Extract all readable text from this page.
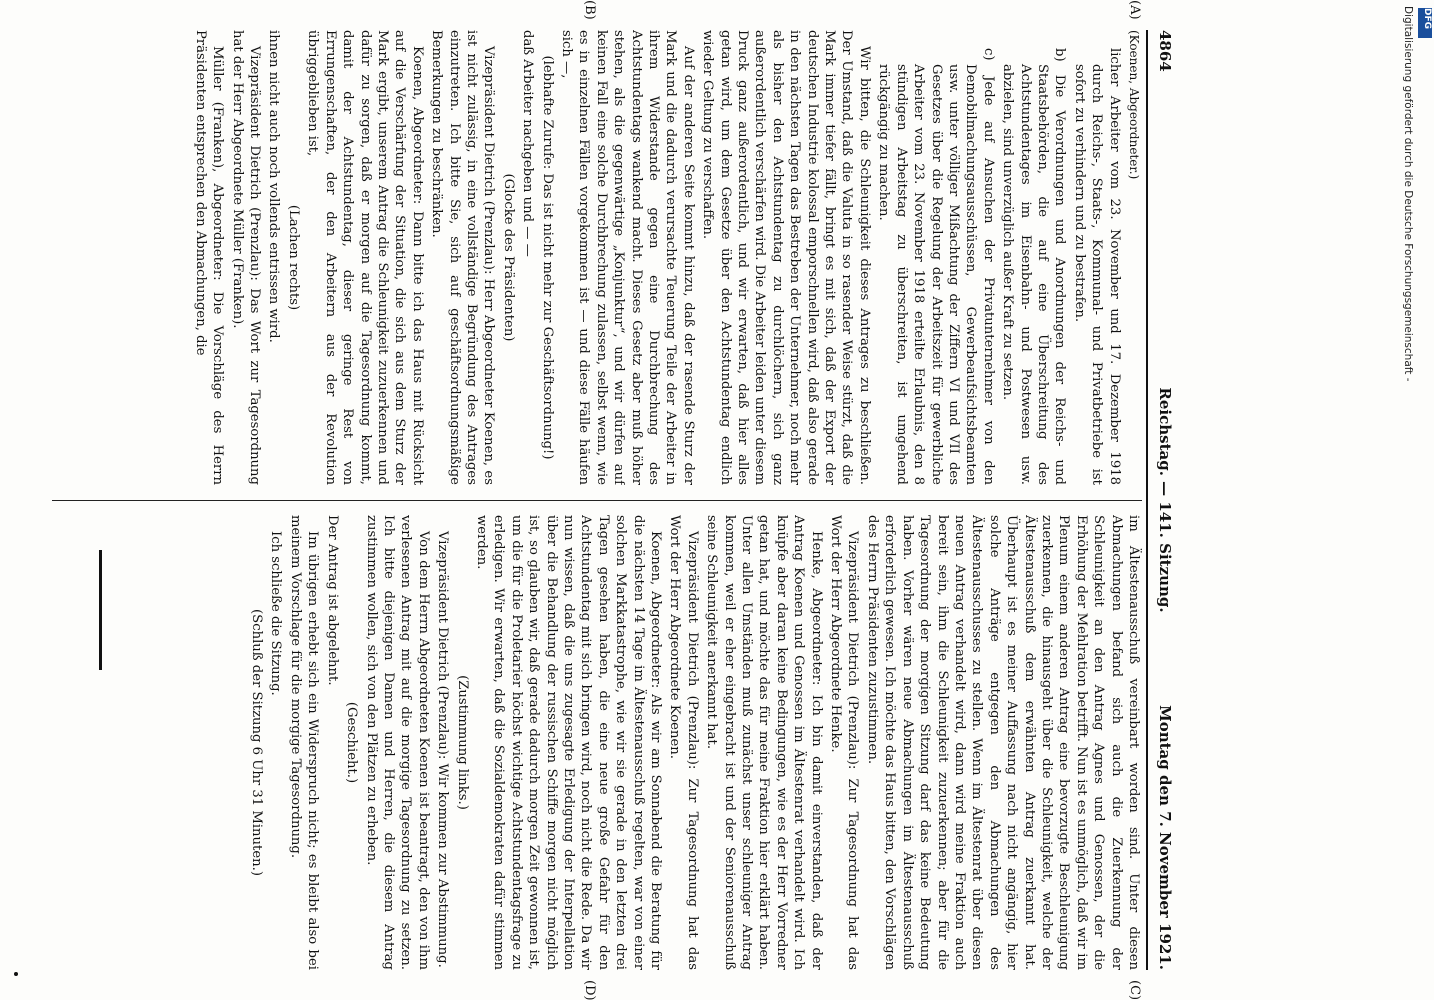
4864
Reichstag. — 141. Sitzung.
Montag den 7. November 1921.

(Koenen, Abgeordneter.)

licher Arbeiter vom 23. November und 17. Dezember 1918 durch Reichs-, Staats-, Kommunal- und Privatbetriebe ist sofort zu verhindern und zu bestrafen.

b) Die Verordnungen und Anordnungen der Reichs- und Staatsbehörden, die auf eine Überschreitung des Achtstundentages im Eisenbahn- und Postwesen usw. abzielen, sind unverzüglich außer Kraft zu setzen.

c) Jede auf Ansuchen der Privatunternehmer von den Demobilmachungsausschüssen, Gewerbeaufsichtsbeamten usw. unter völliger Mißachtung der Ziffern VI und VII des Gesetzes über die Regelung der Arbeitszeit für gewerbliche Arbeiter vom 23. November 1918 erteilte Erlaubnis, den 8 stündigen Arbeitstag zu überschreiten, ist umgehend rückgängig zu machen.

Wir bitten, die Schleunigkeit dieses Antrages zu beschließen. Der Umstand, daß die Valuta in so rasender Weise stürzt, daß die Mark immer tiefer fällt, bringt es mit sich, daß der Export der deutschen Industrie kolossal emporschnellen wird, daß also gerade in den nächsten Tagen das Bestreben der Unternehmer, noch mehr als bisher den Achtstundentag zu durchlöchern, sich ganz außerordentlich verschärfen wird. Die Arbeiter leiden unter diesem Druck ganz außerordentlich, und wir erwarten, daß hier alles getan wird, um dem Gesetze über den Achtstundentag endlich wieder Geltung zu verschaffen.

Auf der anderen Seite kommt hinzu, daß der rasende Sturz der Mark und die dadurch verursachte Teuerung Teile der Arbeiter in ihrem Widerstande gegen eine Durchbrechung des Achtstundentags wankend macht. Dieses Gesetz aber muß höher stehen, als die gegenwärtige „Konjunktur“, und wir dürfen auf keinen Fall eine solche Durchbrechung zulassen, selbst wenn, wie es in einzelnen Fällen vorgekommen ist — und diese Fälle häufen sich —,

(lebhafte Zurufe: Das ist nicht mehr zur Geschäftsordnung!)

daß Arbeiter nachgeben und — —

(Glocke des Präsidenten)

Vizepräsident Dietrich (Prenzlau): Herr Abgeordneter Koenen, es ist nicht zulässig, in eine vollständige Begründung des Antrages einzutreten. Ich bitte Sie, sich auf geschäftsordnungsmäßige Bemerkungen zu beschränken.

Koenen, Abgeordneter: Dann bitte ich das Haus mit Rücksicht auf die Verschärfung der Situation, die sich aus dem Sturz der Mark ergibt, unserem Antrag die Schleunigkeit zuzuerkennen und dafür zu sorgen, daß er morgen auf die Tagesordnung kommt, damit der Achtstundentag, dieser geringe Rest von Errungenschaften, der den Arbeitern aus der Revolution übriggeblieben ist,

(Lachen rechts)

ihnen nicht auch noch vollends entrissen wird.

Vizepräsident Dietrich (Prenzlau): Das Wort zur Tagesordnung hat der Herr Abgeordnete Müller (Franken).

Müller (Franken), Abgeordneter: Die Vorschläge des Herrn Präsidenten entsprechen den Abmachungen, die

im Ältestenausschuß vereinbart worden sind. Unter diesen Abmachungen befand sich auch die Zuerkennung der Schleunigkeit an den Antrag Agnes und Genossen, der die Erhöhung der Mehlration betrifft. Nun ist es unmöglich, daß wir im Plenum einem anderen Antrag eine bevorzugte Beschleunigung zuerkennen, die hinausgeht über die Schleunigkeit, welche der Ältestenausschuß dem erwähnten Antrag zuerkannt hat. Überhaupt ist es meiner Auffassung nach nicht angängig, hier solche Anträge entgegen den Abmachungen des Ältestenausschusses zu stellen. Wenn im Ältestenrat über diesen neuen Antrag verhandelt wird, dann wird meine Fraktion auch bereit sein, ihm die Schleunigkeit zuzuerkennen; aber für die Tagesordnung der morgigen Sitzung darf das keine Bedeutung haben. Vorher wären neue Abmachungen im Ältestenausschuß erforderlich gewesen. Ich möchte das Haus bitten, den Vorschlägen des Herrn Präsidenten zuzustimmen.

Vizepräsident Dietrich (Prenzlau): Zur Tagesordnung hat das Wort der Herr Abgeordnete Henke.

Henke, Abgeordneter: Ich bin damit einverstanden, daß der Antrag Koenen und Genossen im Ältestenrat verhandelt wird. Ich knüpfe aber daran keine Bedingungen, wie es der Herr Vorredner getan hat, und möchte das für meine Fraktion hier erklärt haben. Unter allen Umständen muß zunächst unser schleuniger Antrag kommen, weil er eher eingebracht ist und der Seniorenausschuß seine Schleunigkeit anerkannt hat.

Vizepräsident Dietrich (Prenzlau): Zur Tagesordnung hat das Wort der Herr Abgeordnete Koenen.

Koenen, Abgeordneter: Als wir am Sonnabend die Beratung für die nächsten 14 Tage im Ältestenausschuß regelten, war von einer solchen Markkatastrophe, wie wir sie gerade in den letzten drei Tagen gesehen haben, die eine neue große Gefahr für den Achtstundentag mit sich bringen wird, noch nicht die Rede. Da wir nun wissen, daß die uns zugesagte Erledigung der Interpellation über die Behandlung der russischen Schiffe morgen nicht möglich ist, so glauben wir, daß gerade dadurch morgen Zeit gewonnen ist, um die für die Proletarier höchst wichtige Achtstundentagsfrage zu erledigen. Wir erwarten, daß die Sozialdemokraten dafür stimmen werden.

(Zustimmung links.)

Vizepräsident Dietrich (Prenzlau): Wir kommen zur Abstimmung.

Von dem Herrn Abgeordneten Koenen ist beantragt, den von ihm verlesenen Antrag mit auf die morgige Tagesordnung zu setzen. Ich bitte diejenigen Damen und Herren, die diesem Antrag zustimmen wollen, sich von den Plätzen zu erheben.

(Geschieht.)

Der Antrag ist abgelehnt.

Im übrigen erhebt sich ein Widerspruch nicht; es bleibt also bei meinem Vorschlage für die morgige Tagesordnung.

Ich schließe die Sitzung.

(Schluß der Sitzung 6 Uhr 31 Minuten.)

(A)
(B)
(C)
(D)
Digitalisierung gefördert durch die Deutsche Forschungsgemeinschaft - DFG
